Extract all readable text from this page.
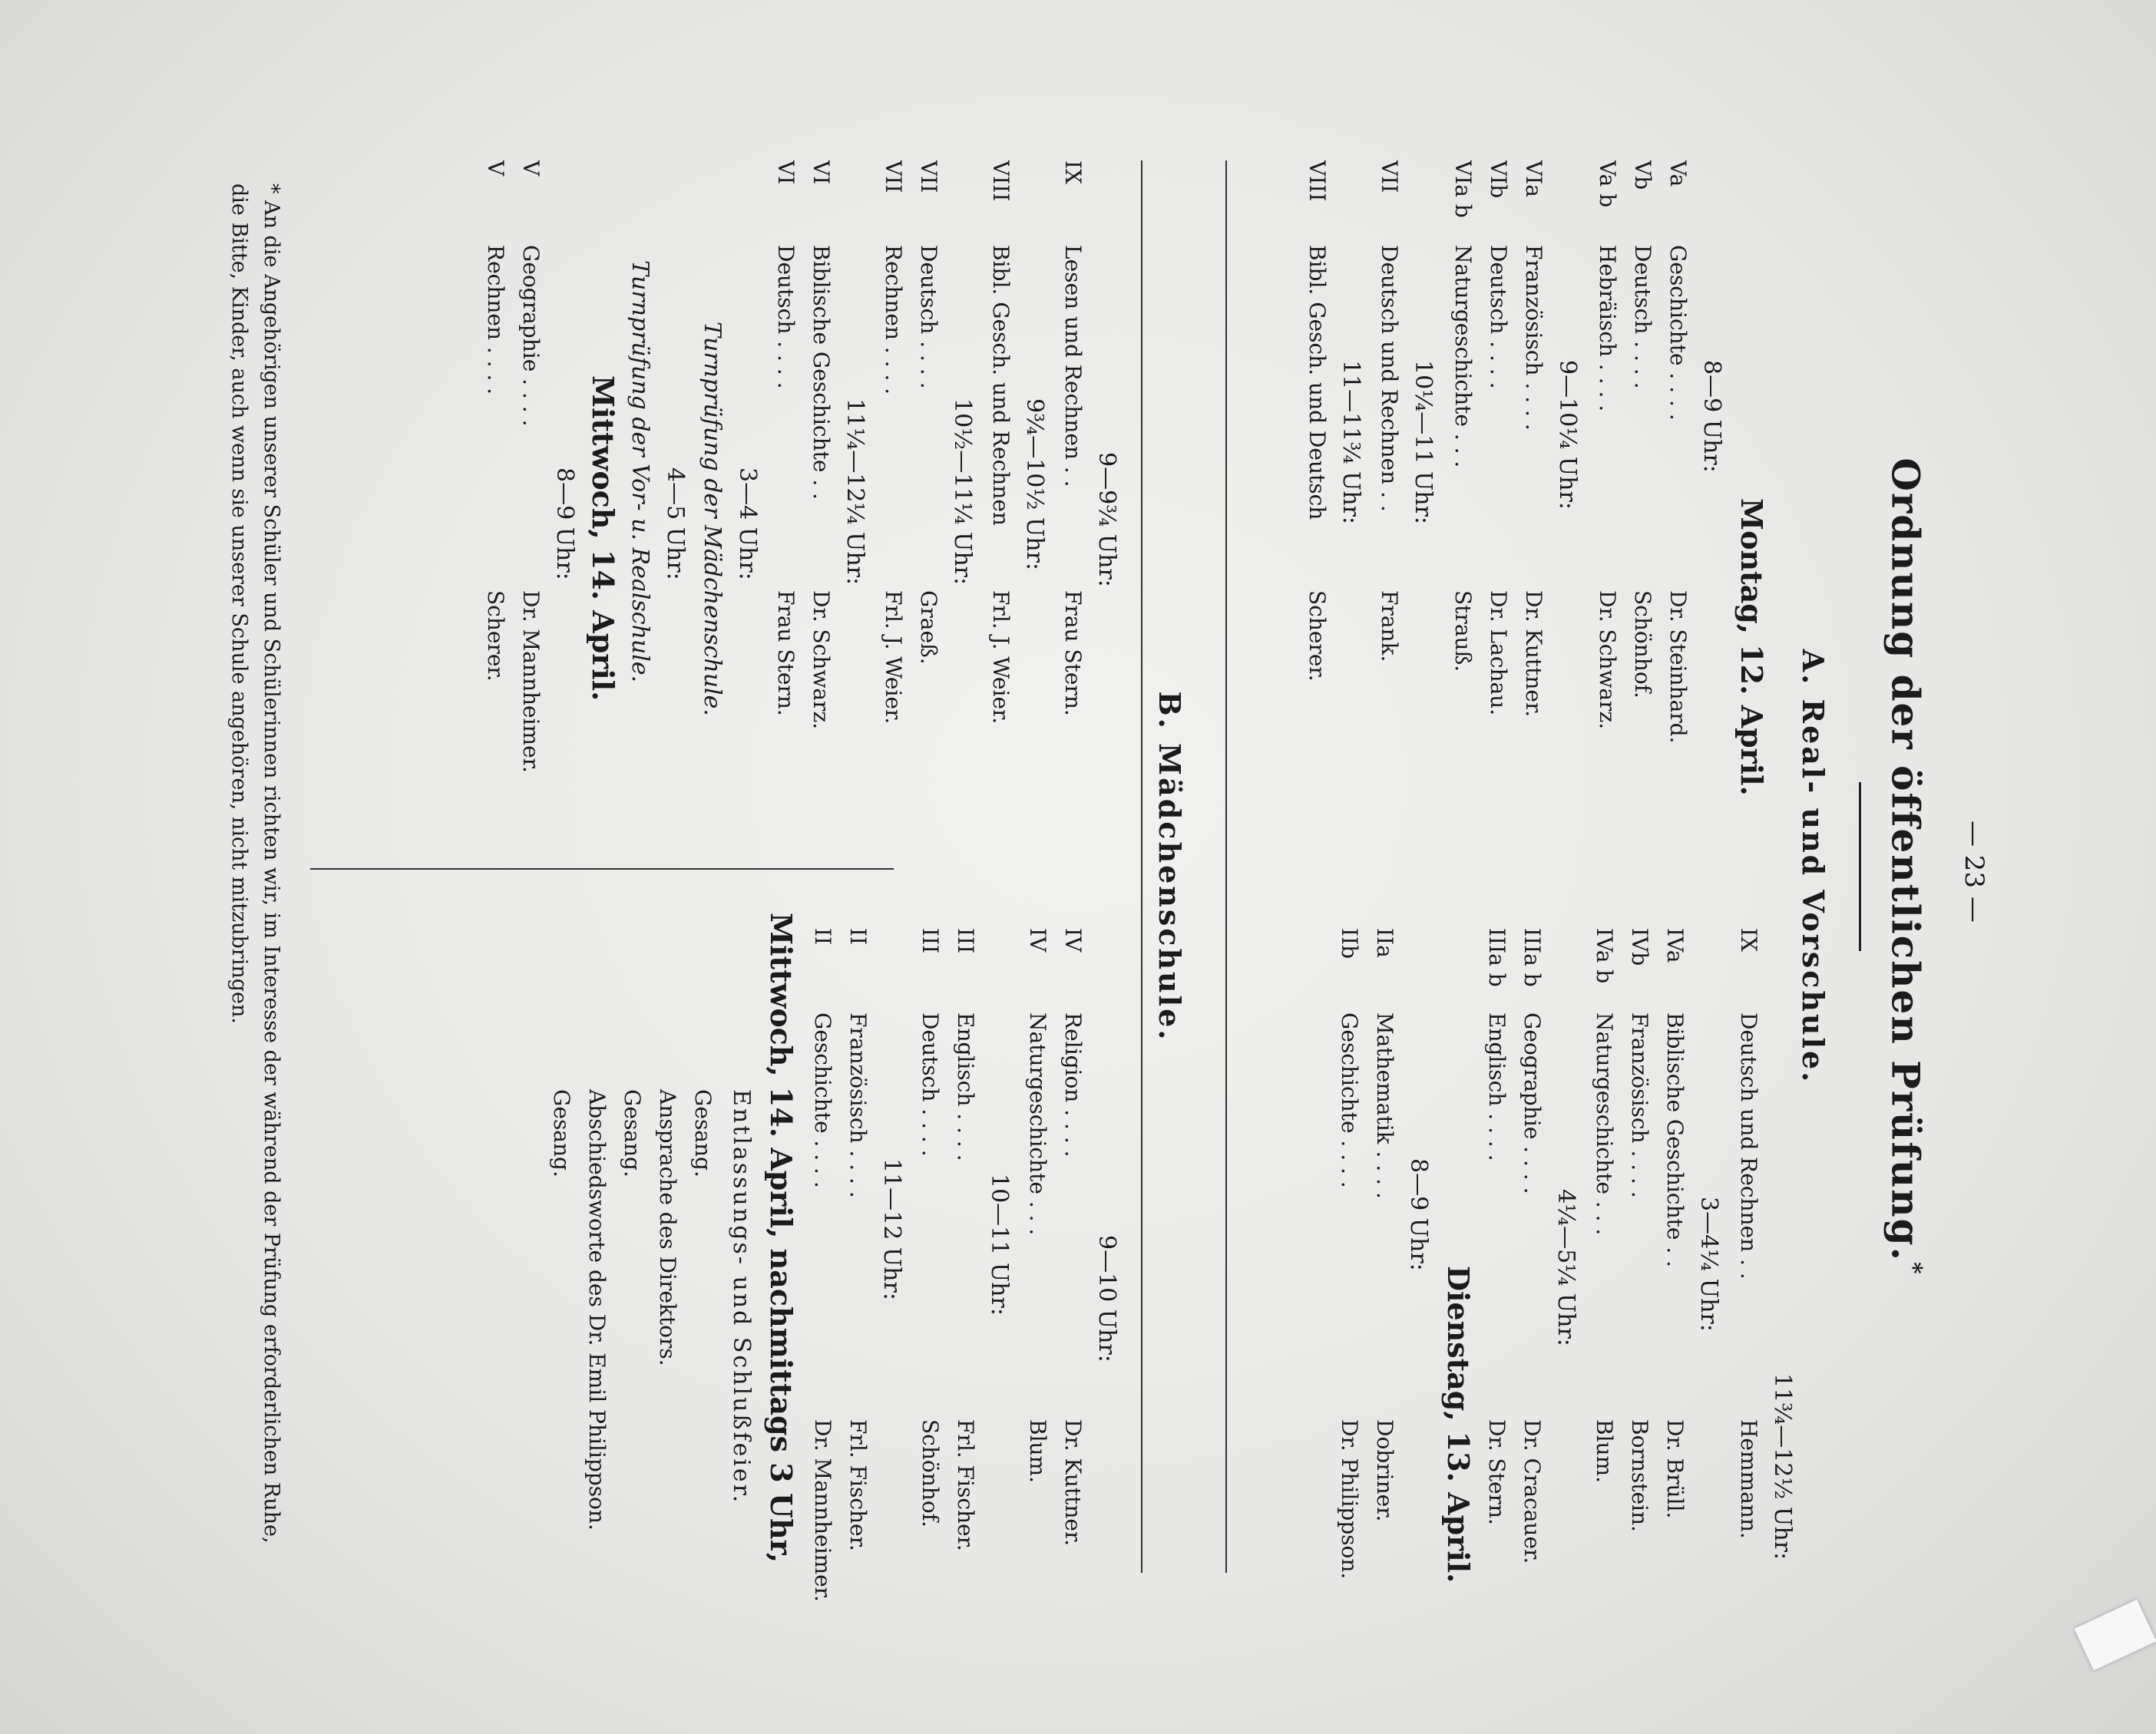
— 23 —
Ordnung der öffentlichen Prüfung.*
A. Real- und Vorschule.
Montag, 12. April.
8—9 Uhr:
Va
Geschichte . . . .
Dr. Steinhard.
Vb
Deutsch . . . .
Schönhof.
Va b
Hebräisch . . . .
Dr. Schwarz.
9—10¼ Uhr:
VIa
Französisch . . . .
Dr. Kuttner.
VIb
Deutsch . . . .
Dr. Lachau.
VIa b
Naturgeschichte . . .
Strauß.
10¼—11 Uhr:
VII
Deutsch und Rechnen . .
Frank.
11—11¾ Uhr:
VIII
Bibl. Gesch. und Deutsch
Scherer.
11¾—12½ Uhr:
IX
Deutsch und Rechnen . .
Hemmann.
3—4¼ Uhr:
IVa
Biblische Geschichte . .
Dr. Brüll.
IVb
Französisch . . . .
Bornstein.
IVa b
Naturgeschichte . . .
Blum.
4¼—5¼ Uhr:
IIIa b
Geographie . . . .
Dr. Cracauer.
IIIa b
Englisch . . . .
Dr. Stern.
Dienstag, 13. April.
8—9 Uhr:
IIa
Mathematik . . . .
Dobriner.
IIb
Geschichte . . . .
Dr. Philippson.
B. Mädchenschule.
9—9¾ Uhr:
IX
Lesen und Rechnen . .
Frau Stern.
9¾—10½ Uhr:
VIII
Bibl. Gesch. und Rechnen
Frl. J. Weier.
10½—11¼ Uhr:
VII
Deutsch . . . .
Graeß.
VII
Rechnen . . . .
Frl. J. Weier.
11¼—12¼ Uhr:
VI
Biblische Geschichte . .
Dr. Schwarz.
VI
Deutsch . . . .
Frau Stern.
3—4 Uhr:
Turnprüfung der Mädchenschule.
4—5 Uhr:
Turnprüfung der Vor- u. Realschule.
Mittwoch, 14. April.
8—9 Uhr:
V
Geographie . . . .
Dr. Mannheimer.
V
Rechnen . . . .
Scherer.
9—10 Uhr:
IV
Religion . . . .
Dr. Kuttner.
IV
Naturgeschichte . . .
Blum.
10—11 Uhr:
III
Englisch . . . .
Frl. Fischer.
III
Deutsch . . . .
Schönhof.
11—12 Uhr:
II
Französisch . . . .
Frl. Fischer.
II
Geschichte . . . .
Dr. Mannheimer.
Mittwoch, 14. April, nachmittags 3 Uhr,
Entlassungs- und Schlußfeier.
Gesang.
Ansprache des Direktors.
Gesang.
Abschiedsworte des Dr. Emil Philippson.
Gesang.
* An die Angehörigen unserer Schüler und Schülerinnen richten wir, im Interesse der während der Prüfung erforderlichen Ruhe, die Bitte, Kinder, auch wenn sie unserer Schule angehören, nicht mitzubringen.
